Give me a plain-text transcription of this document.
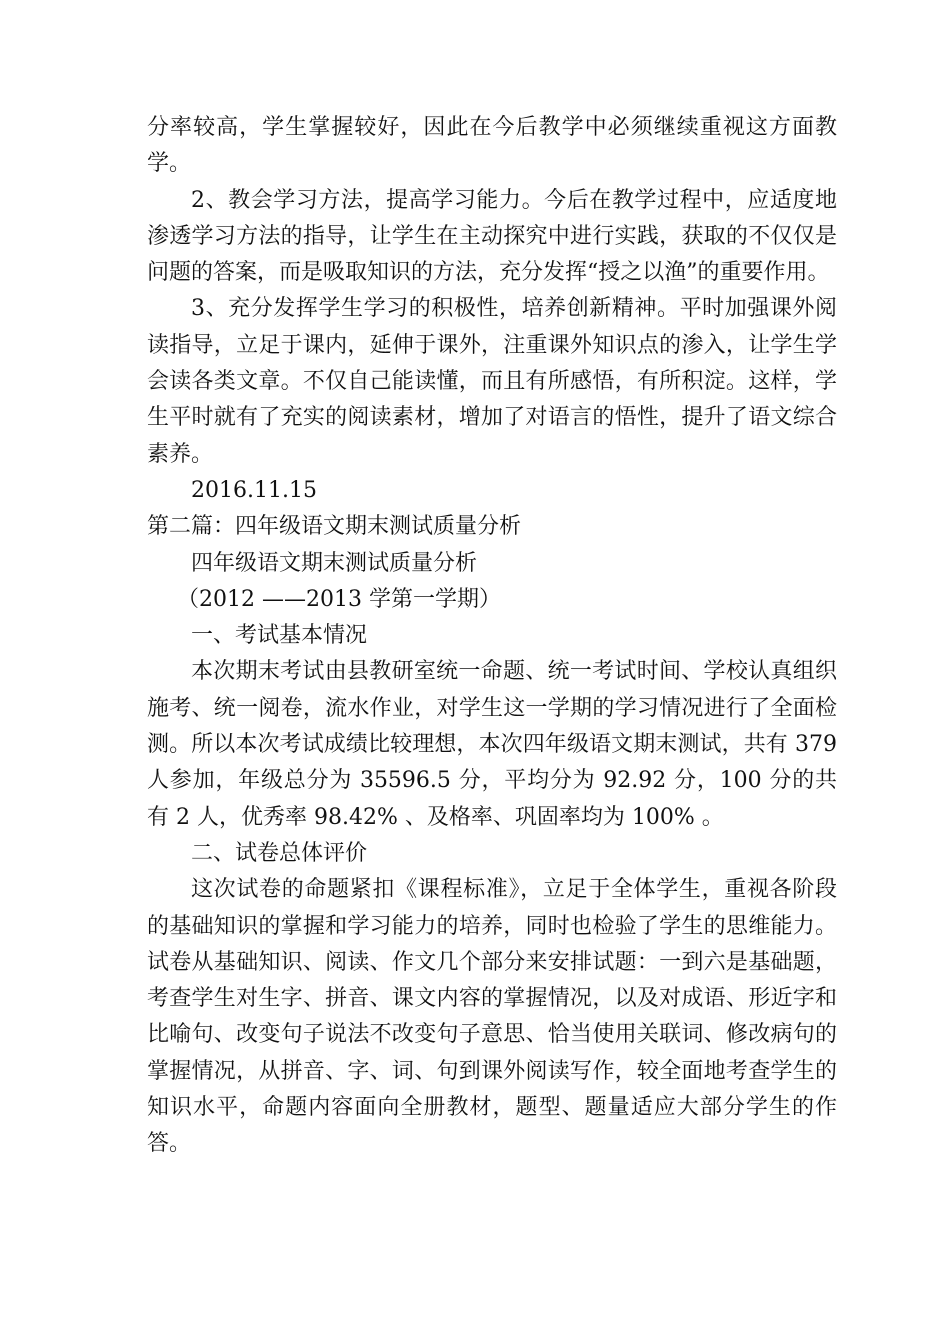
分率较高，学生掌握较好，因此在今后教学中必须继续重视这方面教学。

2、教会学习方法，提高学习能力。今后在教学过程中，应适度地渗透学习方法的指导，让学生在主动探究中进行实践，获取的不仅仅是问题的答案，而是吸取知识的方法，充分发挥“授之以渔”的重要作用。

3、充分发挥学生学习的积极性，培养创新精神。平时加强课外阅读指导，立足于课内，延伸于课外，注重课外知识点的渗入，让学生学会读各类文章。不仅自己能读懂，而且有所感悟，有所积淀。这样，学生平时就有了充实的阅读素材，增加了对语言的悟性，提升了语文综合素养。

2016.11.15

第二篇：四年级语文期末测试质量分析

四年级语文期末测试质量分析

（2012 ——2013 学第一学期）

一、考试基本情况

本次期末考试由县教研室统一命题、统一考试时间、学校认真组织施考、统一阅卷，流水作业，对学生这一学期的学习情况进行了全面检测。所以本次考试成绩比较理想，本次四年级语文期末测试，共有 379 人参加，年级总分为 35596.5 分，平均分为 92.92 分，100 分的共有 2 人，优秀率 98.42% 、及格率、巩固率均为 100% 。

二、试卷总体评价

这次试卷的命题紧扣《课程标准》，立足于全体学生，重视各阶段的基础知识的掌握和学习能力的培养，同时也检验了学生的思维能力。试卷从基础知识、阅读、作文几个部分来安排试题：一到六是基础题，考查学生对生字、拼音、课文内容的掌握情况，以及对成语、形近字和比喻句、改变句子说法不改变句子意思、恰当使用关联词、修改病句的掌握情况，从拼音、字、词、句到课外阅读写作，较全面地考查学生的知识水平，命题内容面向全册教材，题型、题量适应大部分学生的作答。
